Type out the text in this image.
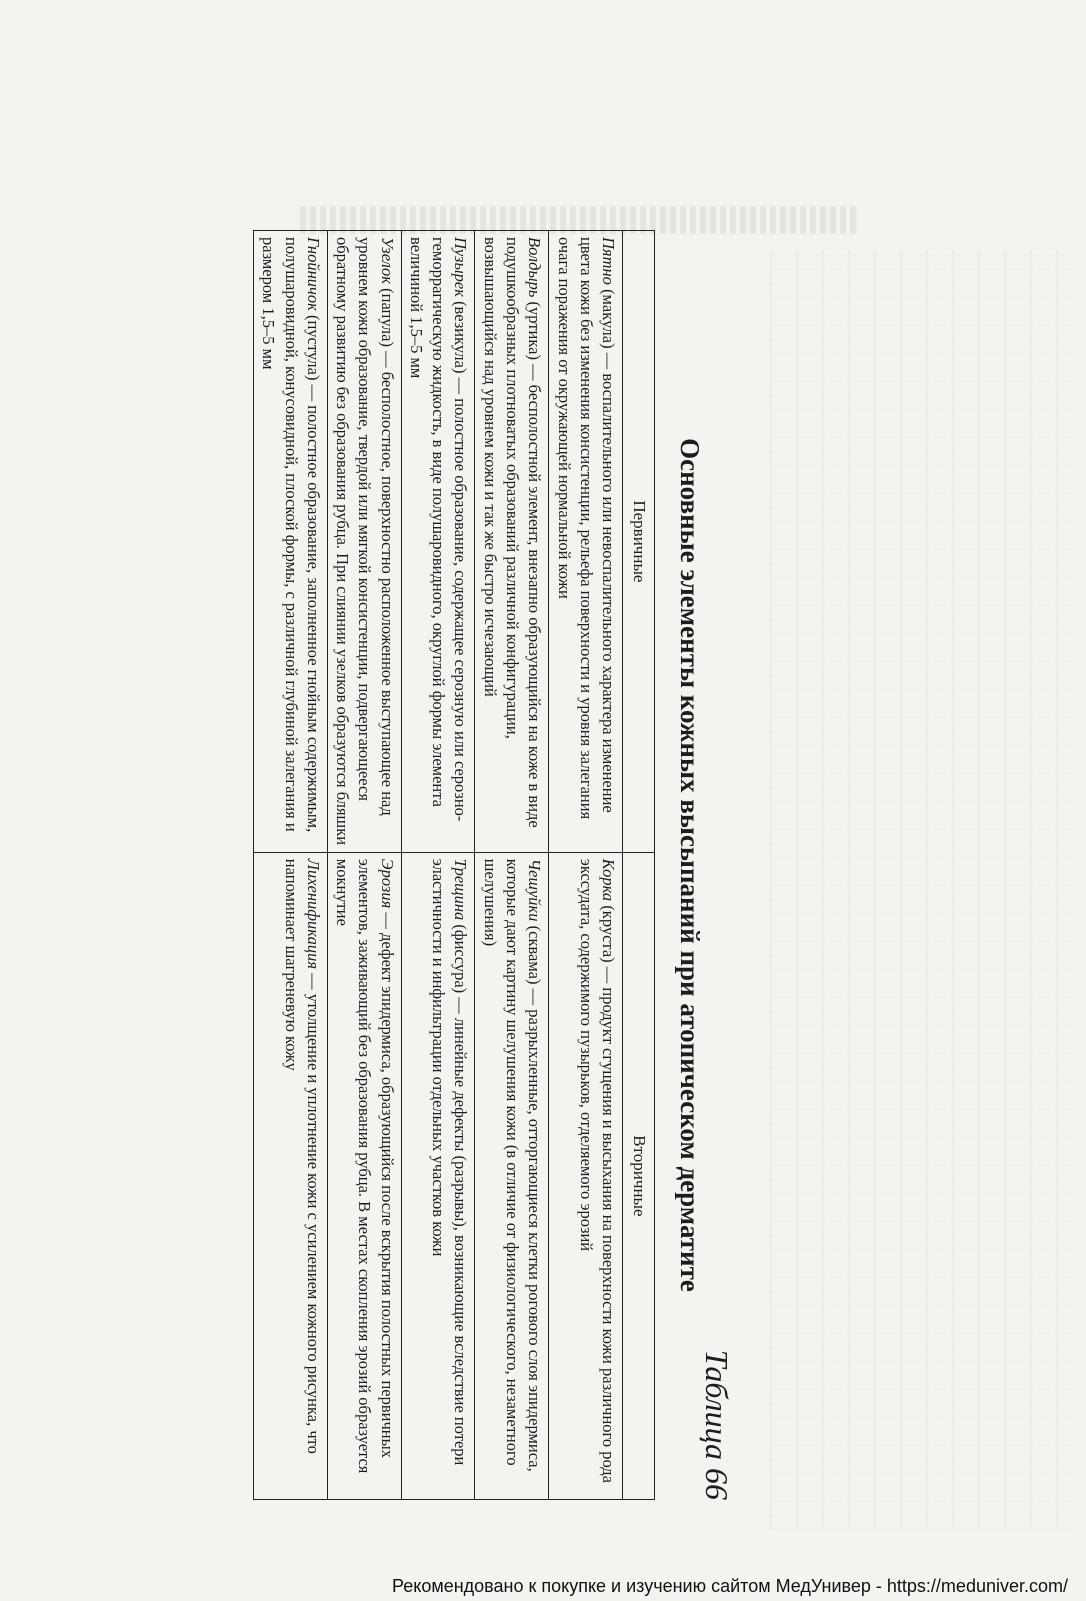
Таблица 66
Основные элементы кожных высыпаний при атопическом дерматите
Первичные	Вторичные
Пятно (макула) — воспалительного или невоспалительного характера изменение цвета кожи без изменения консистенции, рельефа поверхности и уровня залегания очага поражения от окружающей нормальной кожи	Корка (круста) — продукт сгущения и высыхания на поверхности кожи различного рода экссудата, содержимого пузырьков, отделяемого эрозий
Волдырь (уртика) — бесполостной элемент, внезапно образующийся на коже в виде подушкообразных плотноватых образований различной конфигурации, возвышающийся над уровнем кожи и так же быстро исчезающий	Чешуйки (сквама) — разрыхленные, отторгающиеся клетки рогового слоя эпидермиса, которые дают картину шелушения кожи (в отличие от физиологического, незаметного шелушения)
Пузырек (везикула) — полостное образование, содержащее серозную или серозно-геморрагическую жидкость, в виде полушаровидного, округлой формы элемента величиной 1,5–5 мм	Трещина (фиссура) — линейные дефекты (разрывы), возникающие вследствие потери эластичности и инфильтрации отдельных участков кожи
Узелок (папула) — бесполостное, поверхностно расположенное выступающее над уровнем кожи образование, твердой или мягкой консистенции, подвергающееся обратному развитию без образования рубца. При слиянии узелков образуются бляшки	Эрозия — дефект эпидермиса, образующийся после вскрытия полостных первичных элементов, заживающий без образования рубца. В местах скопления эрозий образуется мокнутие
Гнойничок (пустула) — полостное образование, заполненное гнойным содержимым, полушаровидной, конусовидной, плоской формы, с различной глубиной залегания и размером 1,5–5 мм	Лихенификация — утолщение и уплотнение кожи с усилением кожного рисунка, что напоминает шагреневую кожу
Рекомендовано к покупке и изучению сайтом МедУнивер - https://meduniver.com/
